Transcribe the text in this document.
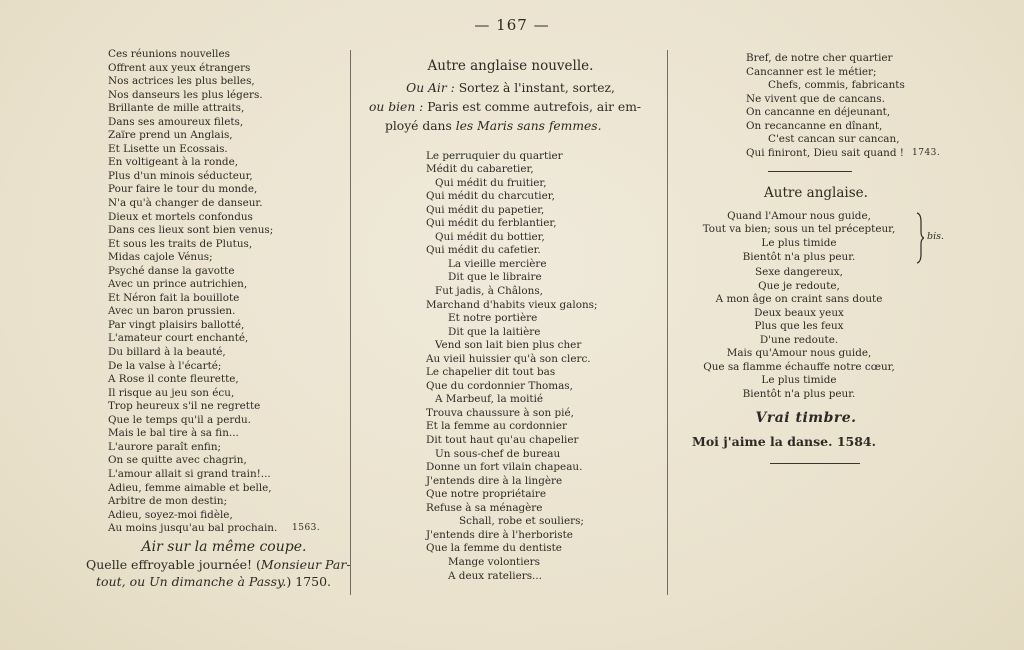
— 167 —
Ces réunions nouvelles
Offrent aux yeux étrangers
Nos actrices les plus belles,
Nos danseurs les plus légers.
Brillante de mille attraits,
Dans ses amoureux filets,
Zaïre prend un Anglais,
Et Lisette un Ecossais.
En voltigeant à la ronde,
Plus d'un minois séducteur,
Pour faire le tour du monde,
N'a qu'à changer de danseur.
Dieux et mortels confondus
Dans ces lieux sont bien venus;
Et sous les traits de Plutus,
Midas cajole Vénus;
Psyché danse la gavotte
Avec un prince autrichien,
Et Néron fait la bouillote
Avec un baron prussien.
Par vingt plaisirs ballotté,
L'amateur court enchanté,
Du billard à la beauté,
De la valse à l'écarté;
A Rose il conte fleurette,
Il risque au jeu son écu,
Trop heureux s'il ne regrette
Que le temps qu'il a perdu.
Mais le bal tire à sa fin...
L'aurore paraît enfin;
On se quitte avec chagrin,
L'amour allait si grand train!...
Adieu, femme aimable et belle,
Arbitre de mon destin;
Adieu, soyez-moi fidèle,
Au moins jusqu'au bal prochain. 1563.
Air sur la même coupe.
Quelle effroyable journée! (Monsieur Par-
tout, ou Un dimanche à Passy.) 1750.
Autre anglaise nouvelle.
Ou Air : Sortez à l'instant, sortez,
ou bien : Paris est comme autrefois, air em-
ployé dans les Maris sans femmes.
Le perruquier du quartier
Médit du cabaretier,
Qui médit du fruitier,
Qui médit du charcutier,
Qui médit du papetier,
Qui médit du ferblantier,
Qui médit du bottier,
Qui médit du cafetier.
La vieille mercière
Dit que le libraire
Fut jadis, à Châlons,
Marchand d'habits vieux galons;
Et notre portière
Dit que la laitière
Vend son lait bien plus cher
Au vieil huissier qu'à son clerc.
Le chapelier dit tout bas
Que du cordonnier Thomas,
A Marbeuf, la moitié
Trouva chaussure à son pié,
Et la femme au cordonnier
Dit tout haut qu'au chapelier
Un sous-chef de bureau
Donne un fort vilain chapeau.
J'entends dire à la lingère
Que notre propriétaire
Refuse à sa ménagère
Schall, robe et souliers;
J'entends dire à l'herboriste
Que la femme du dentiste
Mange volontiers
A deux rateliers...
Bref, de notre cher quartier
Cancanner est le métier;
Chefs, commis, fabricants
Ne vivent que de cancans.
On cancanne en déjeunant,
On recancanne en dînant,
C'est cancan sur cancan,
Qui finiront, Dieu sait quand ! 1743.
Autre anglaise.
Quand l'Amour nous guide,
Tout va bien; sous un tel précepteur,
Le plus timide
Bientôt n'a plus peur.
bis.
Sexe dangereux,
Que je redoute,
A mon âge on craint sans doute
Deux beaux yeux
Plus que les feux
D'une redoute.
Mais qu'Amour nous guide,
Que sa flamme échauffe notre cœur,
Le plus timide
Bientôt n'a plus peur.
Vrai timbre.
Moi j'aime la danse. 1584.
